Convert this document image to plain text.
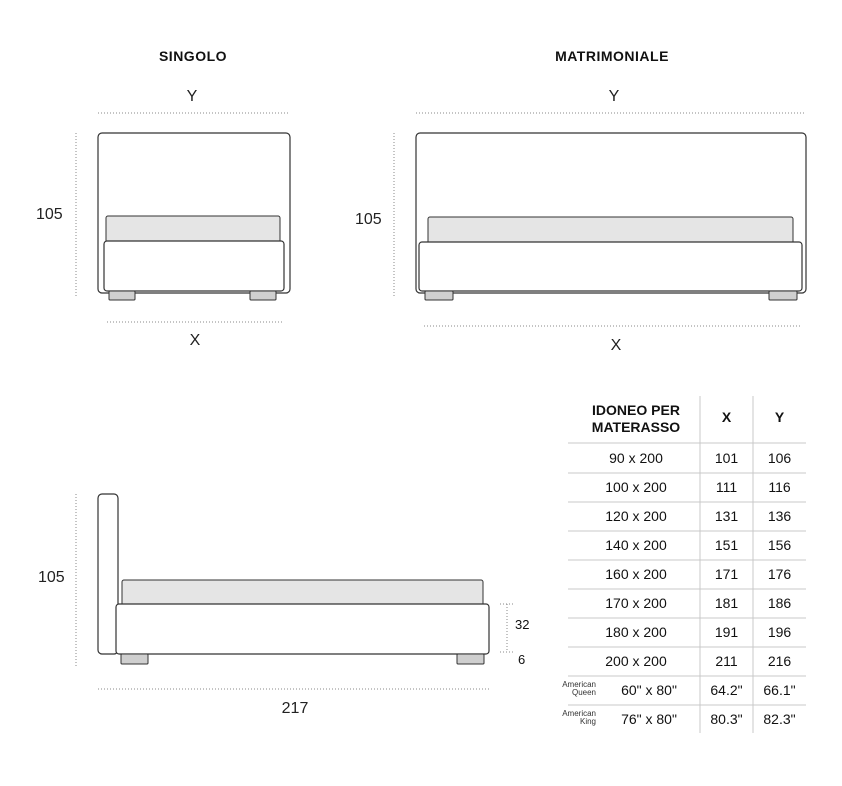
SINGOLO
Y
105
X
MATRIMONIALE
Y
105
X
105
217
32
6
IDONEO PER
MATERASSO
X	Y
90 x 200	101	106
100 x 200	111	116
120 x 200	131	136
140 x 200	151	156
160 x 200	171	176
170 x 200	181	186
180 x 200	191	196
200 x 200	211	216
American
Queen	60" x 80"	64.2"	66.1"
American
King	76" x 80"	80.3"	82.3"
